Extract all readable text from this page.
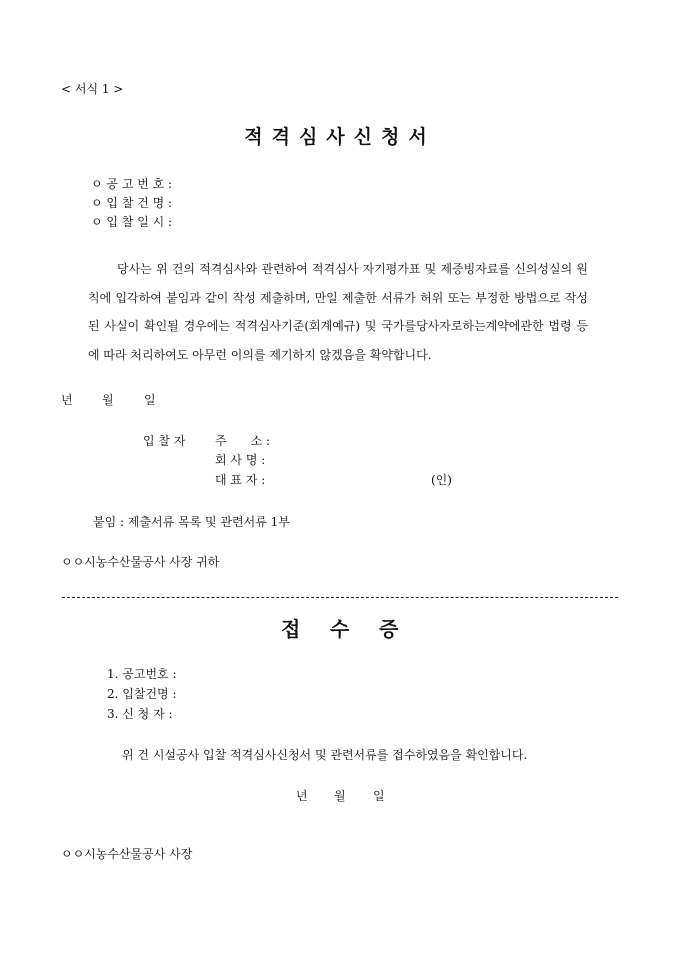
< 서식 1 >
적격심사신청서
ㅇ 공 고 번 호 :
ㅇ 입 찰 건 명 :
ㅇ 입 찰 일 시 :
당사는 위 건의 적격심사와 관련하여 적격심사 자기평가표 및 제증빙자료를 신의성실의 원칙에 입각하여 붙임과 같이 작성 제출하며, 만일 제출한 서류가 허위 또는 부정한 방법으로 작성된 사실이 확인될 경우에는 적격심사기준(회계예규) 및 국가를당사자로하는계약에관한 법령 등에 따라 처리하여도 아무런 이의를 제기하지 않겠음을 확약합니다.
년 월	일
입 찰 자 주　　소 :
회 사 명 :
대 표 자 :	(인)
붙임 : 제출서류 목록 및 관련서류 1부
ㅇㅇ시농수산물공사 사장 귀하
접 수 증
1. 공고번호 :
2. 입찰건명 :
3. 신 청 자 :
위 건 시설공사 입찰 적격심사신청서 및 관련서류를 접수하였음을 확인합니다.
년 월 일
ㅇㅇ시농수산물공사 사장
